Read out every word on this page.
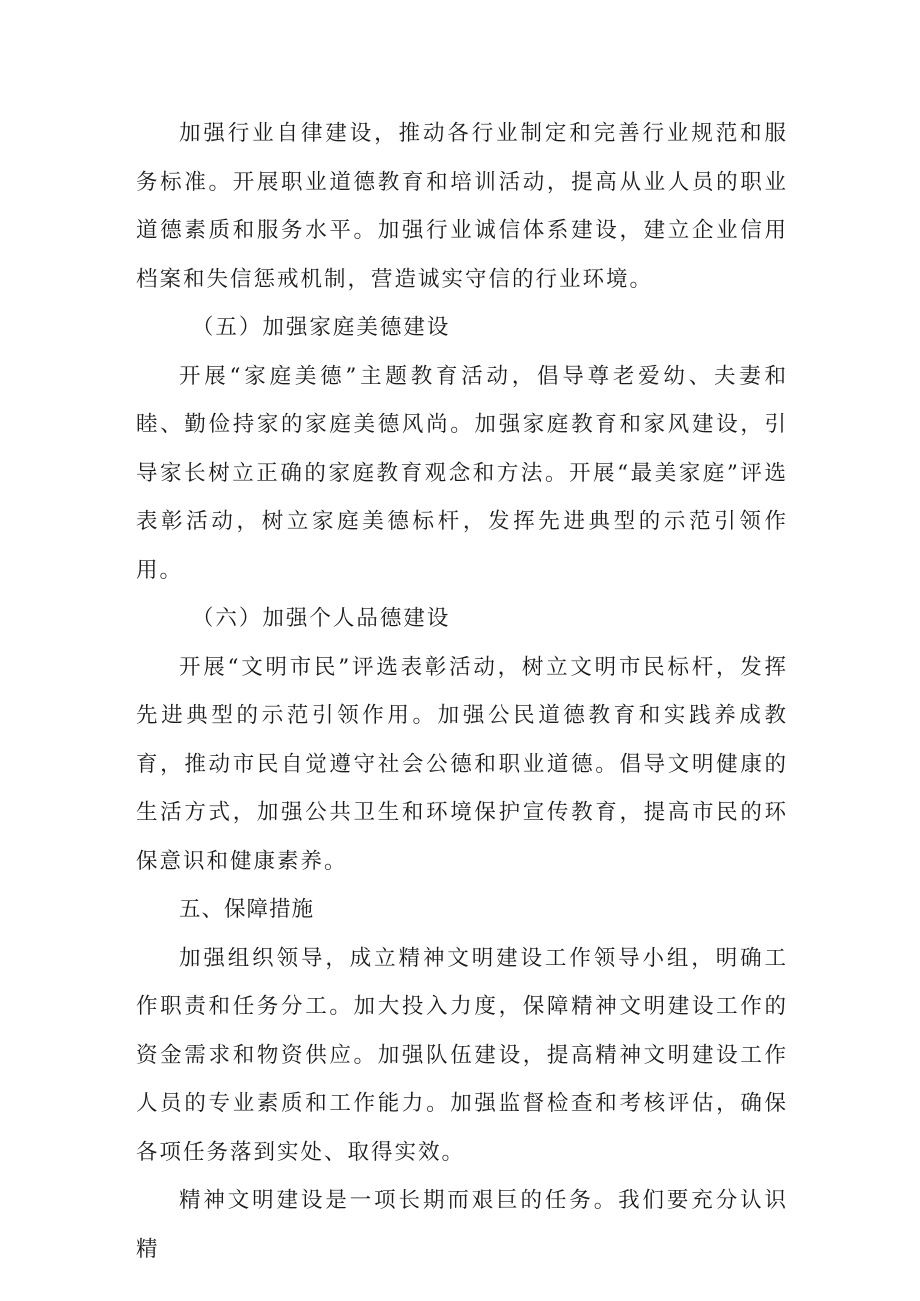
加强行业自律建设，推动各行业制定和完善行业规范和服务标准。开展职业道德教育和培训活动，提高从业人员的职业道德素质和服务水平。加强行业诚信体系建设，建立企业信用档案和失信惩戒机制，营造诚实守信的行业环境。

（五）加强家庭美德建设

开展“家庭美德”主题教育活动，倡导尊老爱幼、夫妻和睦、勤俭持家的家庭美德风尚。加强家庭教育和家风建设，引导家长树立正确的家庭教育观念和方法。开展“最美家庭”评选表彰活动，树立家庭美德标杆，发挥先进典型的示范引领作用。

（六）加强个人品德建设

开展“文明市民”评选表彰活动，树立文明市民标杆，发挥先进典型的示范引领作用。加强公民道德教育和实践养成教育，推动市民自觉遵守社会公德和职业道德。倡导文明健康的生活方式，加强公共卫生和环境保护宣传教育，提高市民的环保意识和健康素养。

五、保障措施

加强组织领导，成立精神文明建设工作领导小组，明确工作职责和任务分工。加大投入力度，保障精神文明建设工作的资金需求和物资供应。加强队伍建设，提高精神文明建设工作人员的专业素质和工作能力。加强监督检查和考核评估，确保各项任务落到实处、取得实效。

精神文明建设是一项长期而艰巨的任务。我们要充分认识精
